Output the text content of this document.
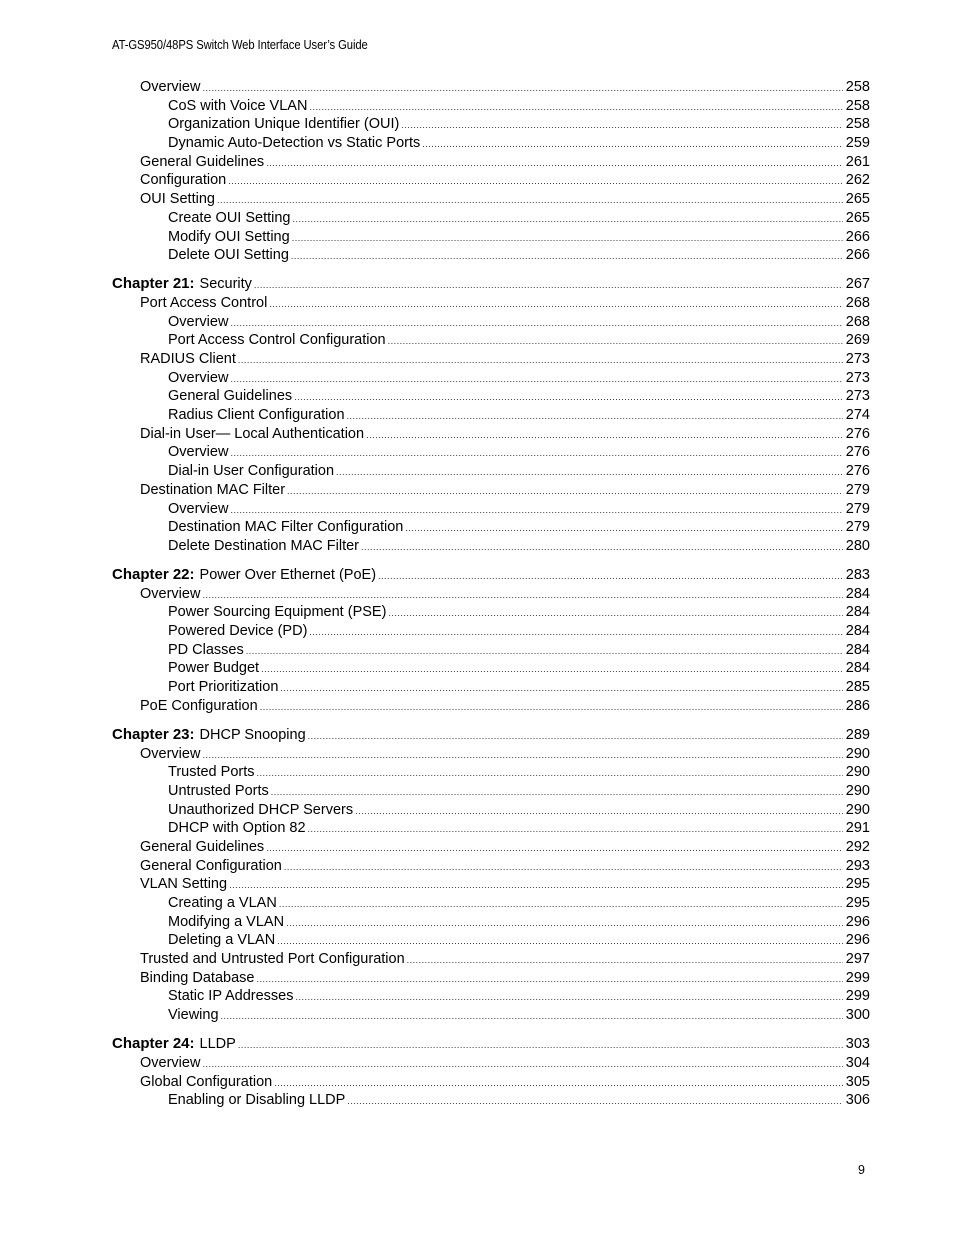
AT-GS950/48PS Switch Web Interface User’s Guide
Overview .....	258
CoS with Voice VLAN .....	258
Organization Unique Identifier (OUI) .....	258
Dynamic Auto-Detection vs Static Ports .....	259
General Guidelines .....	261
Configuration .....	262
OUI Setting .....	265
Create OUI Setting .....	265
Modify OUI Setting .....	266
Delete OUI Setting .....	266
Chapter 21: Security .....	267
Port Access Control .....	268
Overview .....	268
Port Access Control Configuration .....	269
RADIUS Client .....	273
Overview .....	273
General Guidelines .....	273
Radius Client Configuration .....	274
Dial-in User— Local Authentication .....	276
Overview .....	276
Dial-in User Configuration .....	276
Destination MAC Filter .....	279
Overview .....	279
Destination MAC Filter Configuration .....	279
Delete Destination MAC Filter .....	280
Chapter 22: Power Over Ethernet (PoE) .....	283
Overview .....	284
Power Sourcing Equipment (PSE) .....	284
Powered Device (PD) .....	284
PD Classes .....	284
Power Budget .....	284
Port Prioritization .....	285
PoE Configuration .....	286
Chapter 23: DHCP Snooping .....	289
Overview .....	290
Trusted Ports .....	290
Untrusted Ports .....	290
Unauthorized DHCP Servers .....	290
DHCP with Option 82 .....	291
General Guidelines .....	292
General Configuration .....	293
VLAN Setting .....	295
Creating a VLAN .....	295
Modifying a VLAN .....	296
Deleting a VLAN .....	296
Trusted and Untrusted Port Configuration .....	297
Binding Database .....	299
Static IP Addresses .....	299
Viewing .....	300
Chapter 24: LLDP .....	303
Overview .....	304
Global Configuration .....	305
Enabling or Disabling LLDP .....	306
9
